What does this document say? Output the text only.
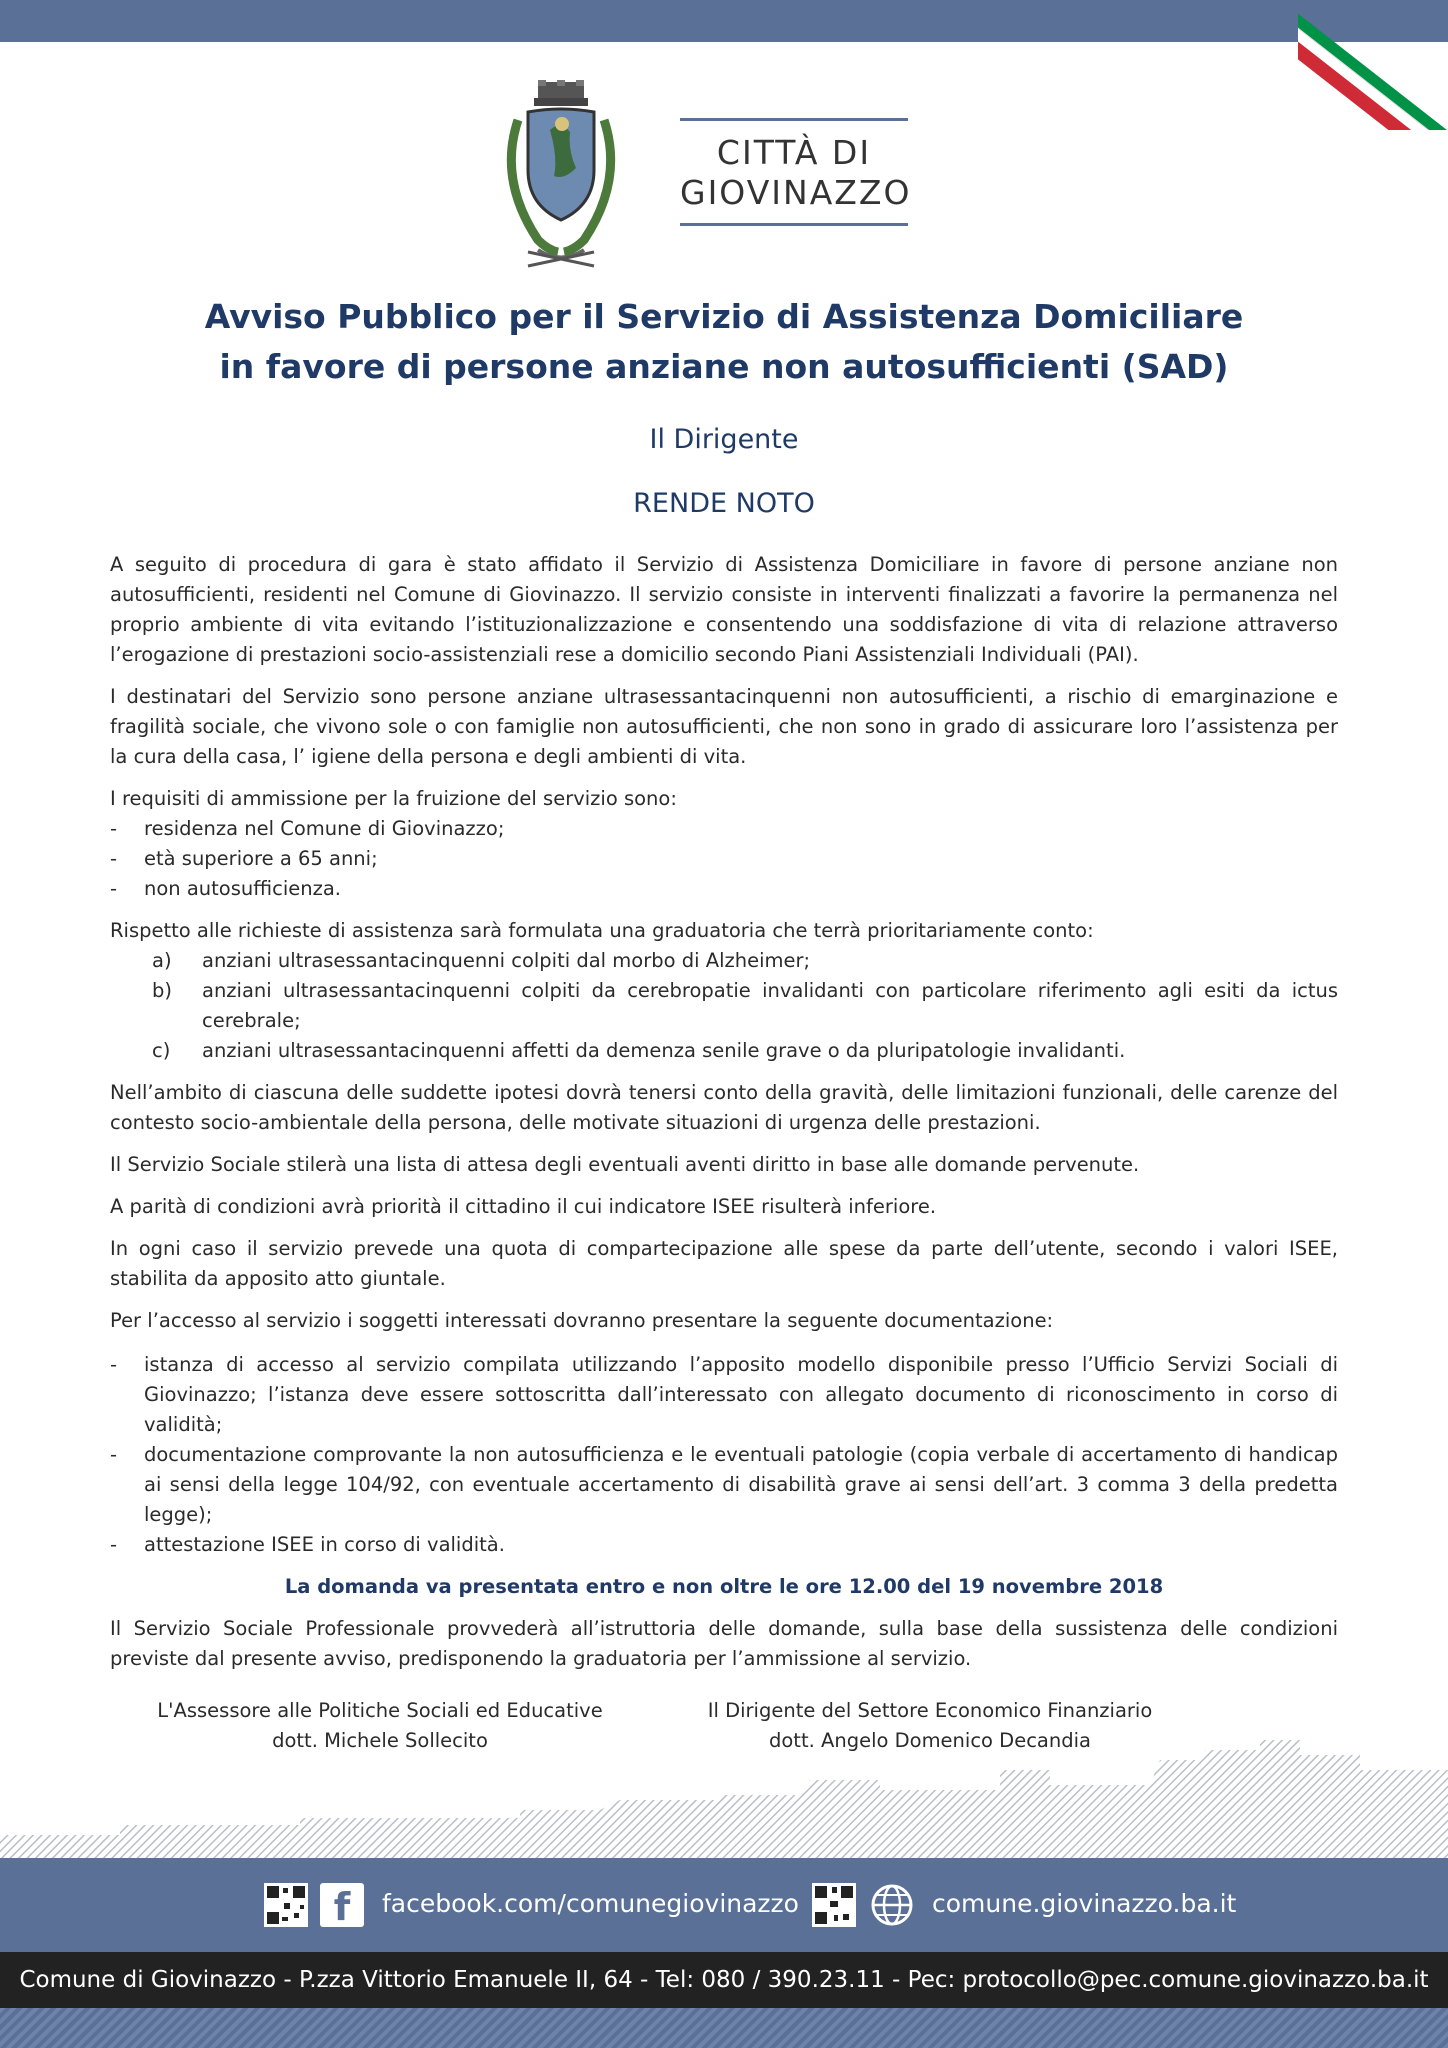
CITTÀ DI
GIOVINAZZO
Avviso Pubblico per il Servizio di Assistenza Domiciliare
in favore di persone anziane non autosufficienti (SAD)
Il Dirigente
RENDE NOTO

A seguito di procedura di gara è stato affidato il Servizio di Assistenza Domiciliare in favore di persone anziane non autosufficienti, residenti nel Comune di Giovinazzo. Il servizio consiste in interventi finalizzati a favorire la permanenza nel proprio ambiente di vita evitando l’istituzionalizzazione e consentendo una soddisfazione di vita di relazione attraverso l’erogazione di prestazioni socio-assistenziali rese a domicilio secondo Piani Assistenziali Individuali (PAI).

I destinatari del Servizio sono persone anziane ultrasessantacinquenni non autosufficienti, a rischio di emarginazione e fragilità sociale, che vivono sole o con famiglie non autosufficienti, che non sono in grado di assicurare loro l’assistenza per la cura della casa, l’ igiene della persona e degli ambienti di vita.

I requisiti di ammissione per la fruizione del servizio sono:
-	residenza nel Comune di Giovinazzo;
-	età superiore a 65 anni;
-	non autosufficienza.
Rispetto alle richieste di assistenza sarà formulata una graduatoria che terrà prioritariamente conto:
a)	anziani ultrasessantacinquenni colpiti dal morbo di Alzheimer;
b)	anziani ultrasessantacinquenni colpiti da cerebropatie invalidanti con particolare riferimento agli esiti da ictus cerebrale;
c)	anziani ultrasessantacinquenni affetti da demenza senile grave o da pluripatologie invalidanti.

Nell’ambito di ciascuna delle suddette ipotesi dovrà tenersi conto della gravità, delle limitazioni funzionali, delle carenze del contesto socio-ambientale della persona, delle motivate situazioni di urgenza delle prestazioni.

Il Servizio Sociale stilerà una lista di attesa degli eventuali aventi diritto in base alle domande pervenute.

A parità di condizioni avrà priorità il cittadino il cui indicatore ISEE risulterà inferiore.

In ogni caso il servizio prevede una quota di compartecipazione alle spese da parte dell’utente, secondo i valori ISEE, stabilita da apposito atto giuntale.

Per l’accesso al servizio i soggetti interessati dovranno presentare la seguente documentazione:

-	istanza di accesso al servizio compilata utilizzando l’apposito modello disponibile presso l’Ufficio Servizi Sociali di Giovinazzo; l’istanza deve essere sottoscritta dall’interessato con allegato documento di riconoscimento in corso di validità;
-	documentazione comprovante la non autosufficienza e le eventuali patologie (copia verbale di accertamento di handicap ai sensi della legge 104/92, con eventuale accertamento di disabilità grave ai sensi dell’art. 3 comma 3 della predetta legge);
-	attestazione ISEE in corso di validità.
La domanda va presentata entro e non oltre le ore 12.00 del 19 novembre 2018

Il Servizio Sociale Professionale provvederà all’istruttoria delle domande, sulla base della sussistenza delle condizioni previste dal presente avviso, predisponendo la graduatoria per l’ammissione al servizio.

L'Assessore alle Politiche Sociali ed Educative
dott. Michele Sollecito
Il Dirigente del Settore Economico Finanziario
dott. Angelo Domenico Decandia
f	facebook.com/comunegiovinazzo	comune.giovinazzo.ba.it
Comune di Giovinazzo - P.zza Vittorio Emanuele II, 64 - Tel: 080 / 390.23.11 - Pec: protocollo@pec.comune.giovinazzo.ba.it
